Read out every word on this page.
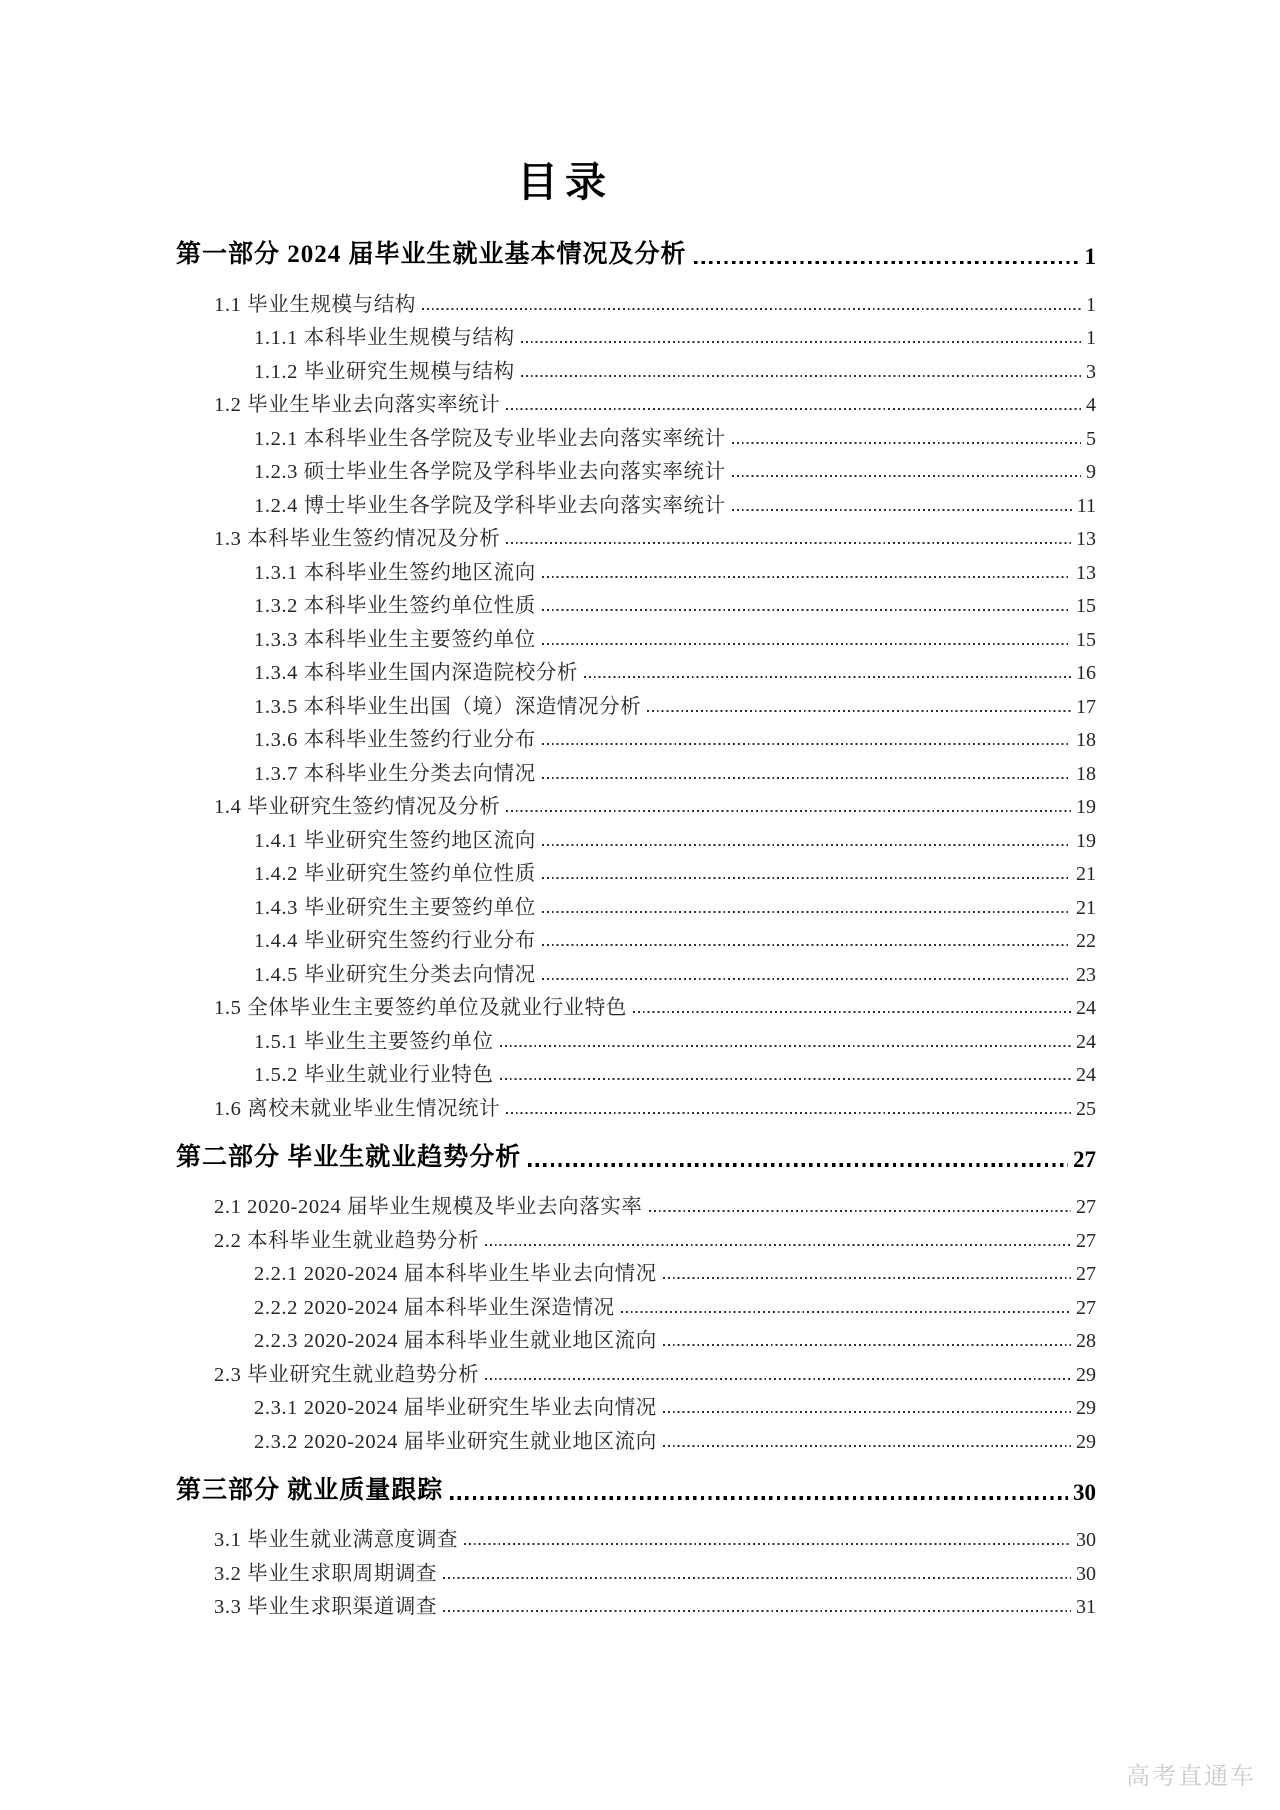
目录
第一部分 2024 届毕业生就业基本情况及分析	1
1.1 毕业生规模与结构	1
1.1.1 本科毕业生规模与结构	1
1.1.2 毕业研究生规模与结构	3
1.2 毕业生毕业去向落实率统计	4
1.2.1 本科毕业生各学院及专业毕业去向落实率统计	5
1.2.3 硕士毕业生各学院及学科毕业去向落实率统计	9
1.2.4 博士毕业生各学院及学科毕业去向落实率统计	11
1.3 本科毕业生签约情况及分析	13
1.3.1 本科毕业生签约地区流向	13
1.3.2 本科毕业生签约单位性质	15
1.3.3 本科毕业生主要签约单位	15
1.3.4 本科毕业生国内深造院校分析	16
1.3.5 本科毕业生出国（境）深造情况分析	17
1.3.6 本科毕业生签约行业分布	18
1.3.7 本科毕业生分类去向情况	18
1.4 毕业研究生签约情况及分析	19
1.4.1 毕业研究生签约地区流向	19
1.4.2 毕业研究生签约单位性质	21
1.4.3 毕业研究生主要签约单位	21
1.4.4 毕业研究生签约行业分布	22
1.4.5 毕业研究生分类去向情况	23
1.5 全体毕业生主要签约单位及就业行业特色	24
1.5.1 毕业生主要签约单位	24
1.5.2 毕业生就业行业特色	24
1.6 离校未就业毕业生情况统计	25
第二部分 毕业生就业趋势分析	27
2.1 2020-2024 届毕业生规模及毕业去向落实率	27
2.2 本科毕业生就业趋势分析	27
2.2.1 2020-2024 届本科毕业生毕业去向情况	27
2.2.2 2020-2024 届本科毕业生深造情况	27
2.2.3 2020-2024 届本科毕业生就业地区流向	28
2.3 毕业研究生就业趋势分析	29
2.3.1 2020-2024 届毕业研究生毕业去向情况	29
2.3.2 2020-2024 届毕业研究生就业地区流向	29
第三部分 就业质量跟踪	30
3.1 毕业生就业满意度调查	30
3.2 毕业生求职周期调查	30
3.3 毕业生求职渠道调查	31
高考直通车
